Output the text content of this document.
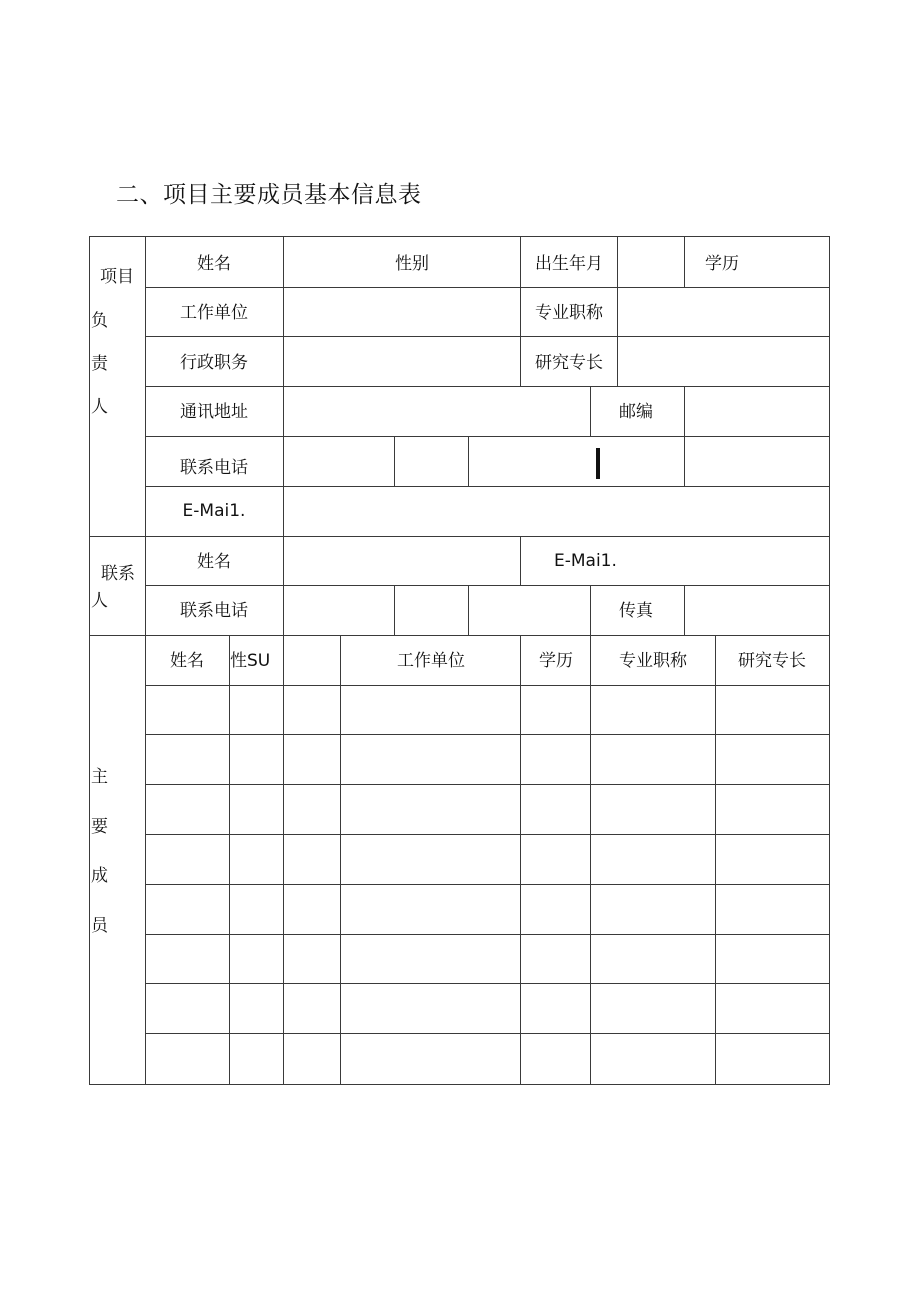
二、项目主要成员基本信息表
项目
负
责
人
姓名	性别	出生年月	学历
工作单位	专业职称
行政职务	研究专长
通讯地址	邮编
联系电话
E-Mai1.
联系
人
姓名	E-Mai1.
联系电话	传真
主
要
成
员
姓名 性SU	工作单位	学历	专业职称	研究专长
